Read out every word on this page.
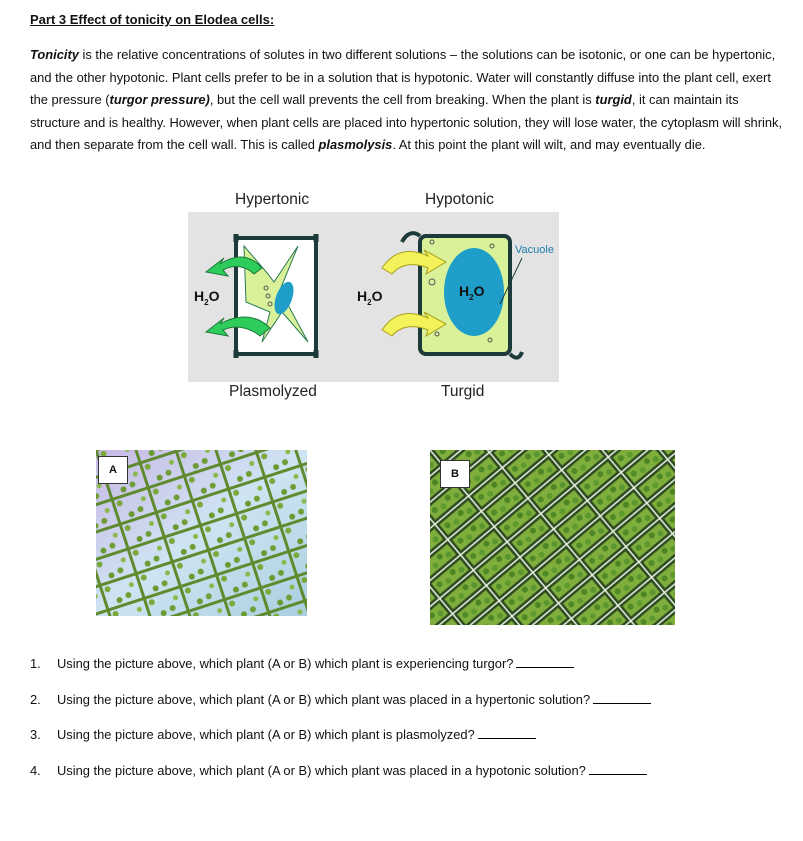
Part 3 Effect of tonicity on Elodea cells:

Tonicity is the relative concentrations of solutes in two different solutions – the solutions can be isotonic, or one can be hypertonic, and the other hypotonic. Plant cells prefer to be in a solution that is hypotonic. Water will constantly diffuse into the plant cell, exert the pressure (turgor pressure), but the cell wall prevents the cell from breaking. When the plant is turgid, it can maintain its structure and is healthy. However, when plant cells are placed into hypertonic solution, they will lose water, the cytoplasm will shrink, and then separate from the cell wall. This is called plasmolysis. At this point the plant will wilt, and may eventually die.

Hypertonic	Hypotonic
Plasmolyzed	Turgid
$H_2O$	$H_2O$	$H_2O$
Vacuole
A	B
1. Using the picture above, which plant (A or B) which plant is experiencing turgor?
2. Using the picture above, which plant (A or B) which plant was placed in a hypertonic solution?
3. Using the picture above, which plant (A or B) which plant is plasmolyzed?
4. Using the picture above, which plant (A or B) which plant was placed in a hypotonic solution?
